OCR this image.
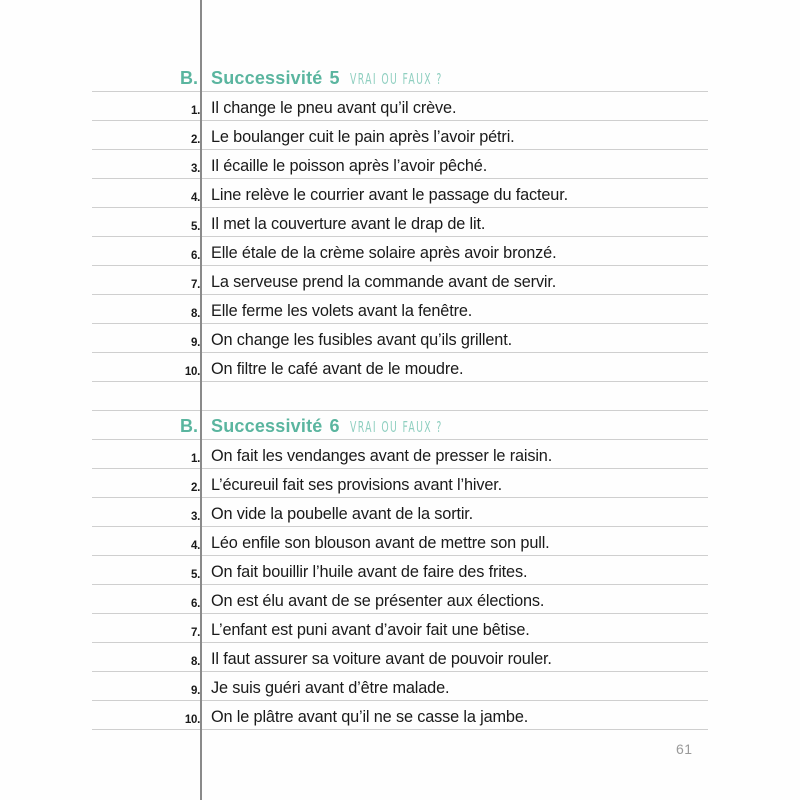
B. Successivité 5 VRAI OU FAUX ?
1. Il change le pneu avant qu’il crève.
2. Le boulanger cuit le pain après l’avoir pétri.
3. Il écaille le poisson après l’avoir pêché.
4. Line relève le courrier avant le passage du facteur.
5. Il met la couverture avant le drap de lit.
6. Elle étale de la crème solaire après avoir bronzé.
7. La serveuse prend la commande avant de servir.
8. Elle ferme les volets avant la fenêtre.
9. On change les fusibles avant qu’ils grillent.
10. On filtre le café avant de le moudre.
B. Successivité 6 VRAI OU FAUX ?
1. On fait les vendanges avant de presser le raisin.
2. L’écureuil fait ses provisions avant l’hiver.
3. On vide la poubelle avant de la sortir.
4. Léo enfile son blouson avant de mettre son pull.
5. On fait bouillir l’huile avant de faire des frites.
6. On est élu avant de se présenter aux élections.
7. L’enfant est puni avant d’avoir fait une bêtise.
8. Il faut assurer sa voiture avant de pouvoir rouler.
9. Je suis guéri avant d’être malade.
10. On le plâtre avant qu’il ne se casse la jambe.
61
